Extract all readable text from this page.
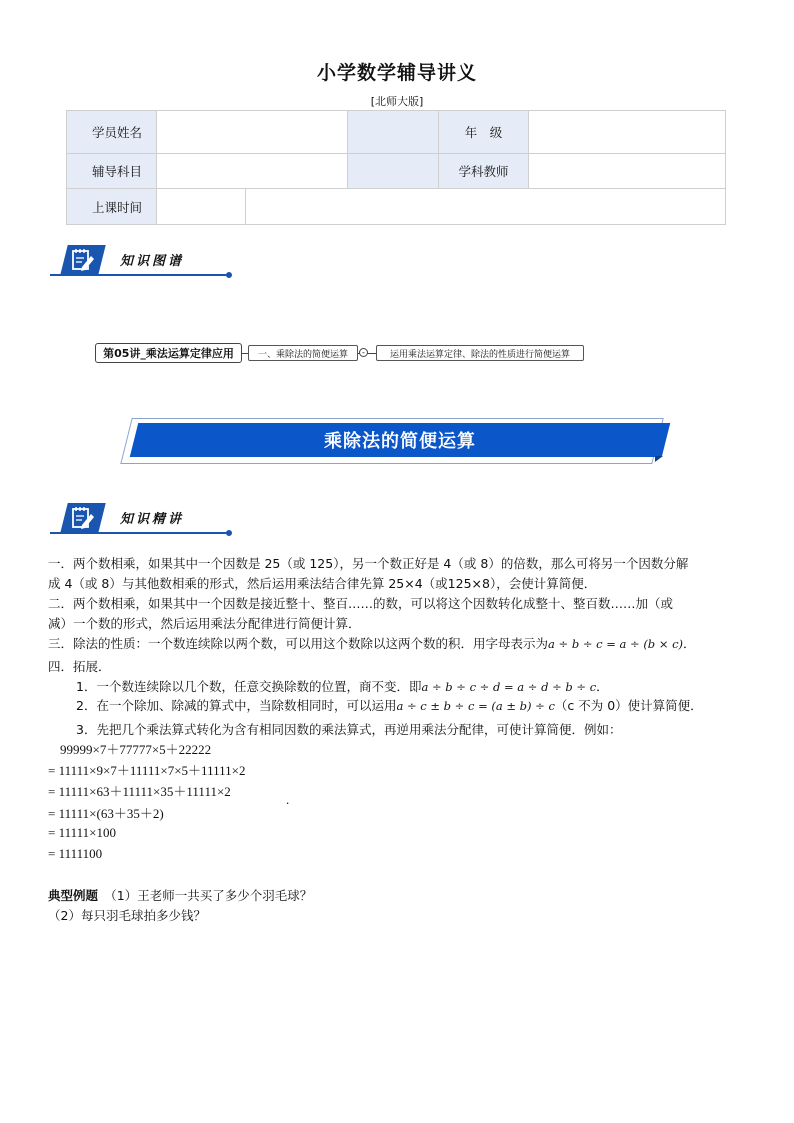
小学数学辅导讲义
[北师大版]
学员姓名	年　级
辅导科目	学科教师
上课时间
知识图谱
第05讲_乘法运算定律应用	一、乘除法的简便运算	-	运用乘法运算定律、除法的性质进行简便运算
乘除法的简便运算
知识精讲
一．两个数相乘，如果其中一个因数是 25（或 125），另一个数正好是 4（或 8）的倍数，那么可将另一个因数分解
成 4（或 8）与其他数相乘的形式，然后运用乘法结合律先算 25×4（或125×8），会使计算简便．
二．两个数相乘，如果其中一个因数是接近整十、整百……的数，可以将这个因数转化成整十、整百数……加（或
减）一个数的形式，然后运用乘法分配律进行简便计算．
三．除法的性质：一个数连续除以两个数，可以用这个数除以这两个数的积．用字母表示为a ÷ b ÷ c = a ÷ (b × c)．
四．拓展．
1．一个数连续除以几个数，任意交换除数的位置，商不变．即a ÷ b ÷ c ÷ d = a ÷ d ÷ b ÷ c．
2．在一个除加、除减的算式中，当除数相同时，可以运用a ÷ c ± b ÷ c = (a ± b) ÷ c（c 不为 0）使计算简便．
3．先把几个乘法算式转化为含有相同因数的乘法算式，再逆用乘法分配律，可使计算简便．例如：
99999×7＋77777×5＋22222
= 11111×9×7＋11111×7×5＋11111×2
= 11111×63＋11111×35＋11111×2
.
= 11111×(63＋35＋2)
= 11111×100
= 1111100
典型例题　 （1）王老师一共买了多少个羽毛球？
（2）每只羽毛球拍多少钱？
